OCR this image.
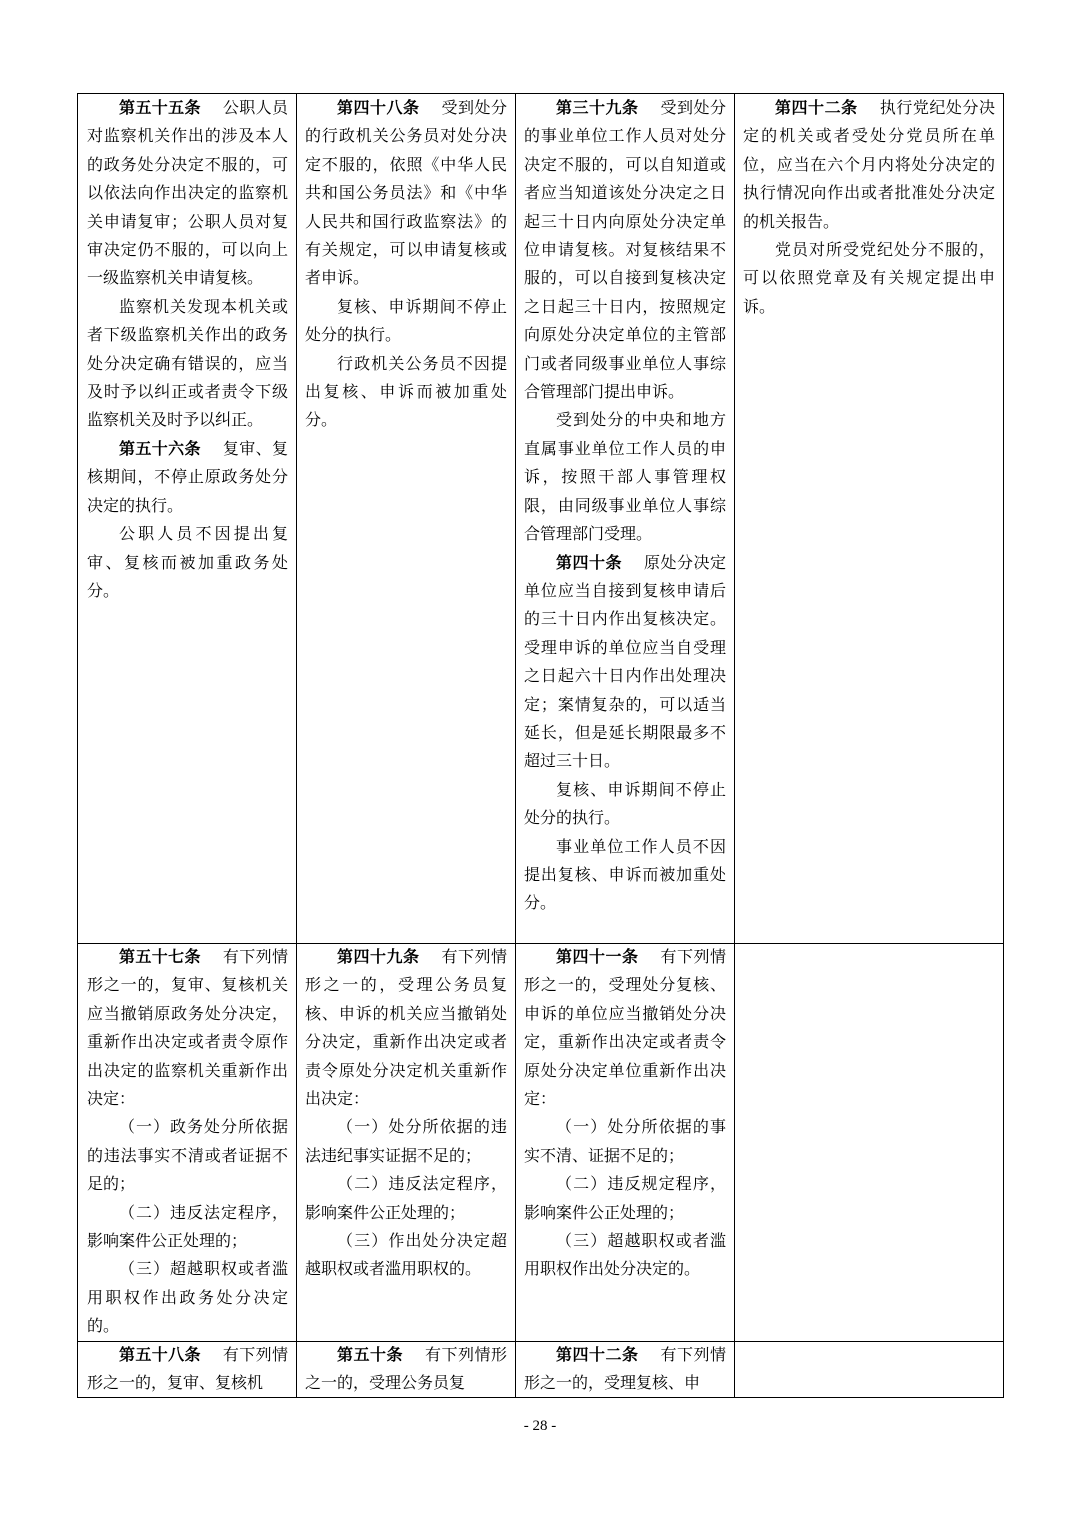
第五十五条　 公职人员对监察机关作出的涉及本人的政务处分决定不服的，可以依法向作出决定的监察机关申请复审；公职人员对复审决定仍不服的，可以向上一级监察机关申请复核。

监察机关发现本机关或者下级监察机关作出的政务处分决定确有错误的，应当及时予以纠正或者责令下级监察机关及时予以纠正。

第五十六条　 复审、复核期间，不停止原政务处分决定的执行。

公职人员不因提出复审、复核而被加重政务处分。

第四十八条　 受到处分的行政机关公务员对处分决定不服的，依照《中华人民共和国公务员法》和《中华人民共和国行政监察法》的有关规定，可以申请复核或者申诉。

复核、申诉期间不停止处分的执行。

行政机关公务员不因提出复核、申诉而被加重处分。

第三十九条　 受到处分的事业单位工作人员对处分决定不服的，可以自知道或者应当知道该处分决定之日起三十日内向原处分决定单位申请复核。对复核结果不服的，可以自接到复核决定之日起三十日内，按照规定向原处分决定单位的主管部门或者同级事业单位人事综合管理部门提出申诉。

受到处分的中央和地方直属事业单位工作人员的申诉，按照干部人事管理权限，由同级事业单位人事综合管理部门受理。

第四十条　 原处分决定单位应当自接到复核申请后的三十日内作出复核决定。受理申诉的单位应当自受理之日起六十日内作出处理决定；案情复杂的，可以适当延长，但是延长期限最多不超过三十日。

复核、申诉期间不停止处分的执行。

事业单位工作人员不因提出复核、申诉而被加重处分。

第四十二条　 执行党纪处分决定的机关或者受处分党员所在单位，应当在六个月内将处分决定的执行情况向作出或者批准处分决定的机关报告。

党员对所受党纪处分不服的，可以依照党章及有关规定提出申诉。

第五十七条　 有下列情形之一的，复审、复核机关应当撤销原政务处分决定，重新作出决定或者责令原作出决定的监察机关重新作出决定：

（一）政务处分所依据的违法事实不清或者证据不足的；

（二）违反法定程序，影响案件公正处理的；

（三）超越职权或者滥用职权作出政务处分决定的。

第四十九条　 有下列情形之一的，受理公务员复核、申诉的机关应当撤销处分决定，重新作出决定或者责令原处分决定机关重新作出决定：

（一）处分所依据的违法违纪事实证据不足的；

（二）违反法定程序，影响案件公正处理的；

（三）作出处分决定超越职权或者滥用职权的。

第四十一条　 有下列情形之一的，受理处分复核、申诉的单位应当撤销处分决定，重新作出决定或者责令原处分决定单位重新作出决定：

（一）处分所依据的事实不清、证据不足的；

（二）违反规定程序，影响案件公正处理的；

（三）超越职权或者滥用职权作出处分决定的。

第五十八条　 有下列情形之一的，复审、复核机

第五十条　 有下列情形之一的，受理公务员复

第四十二条　 有下列情形之一的，受理复核、申

- 28 -
